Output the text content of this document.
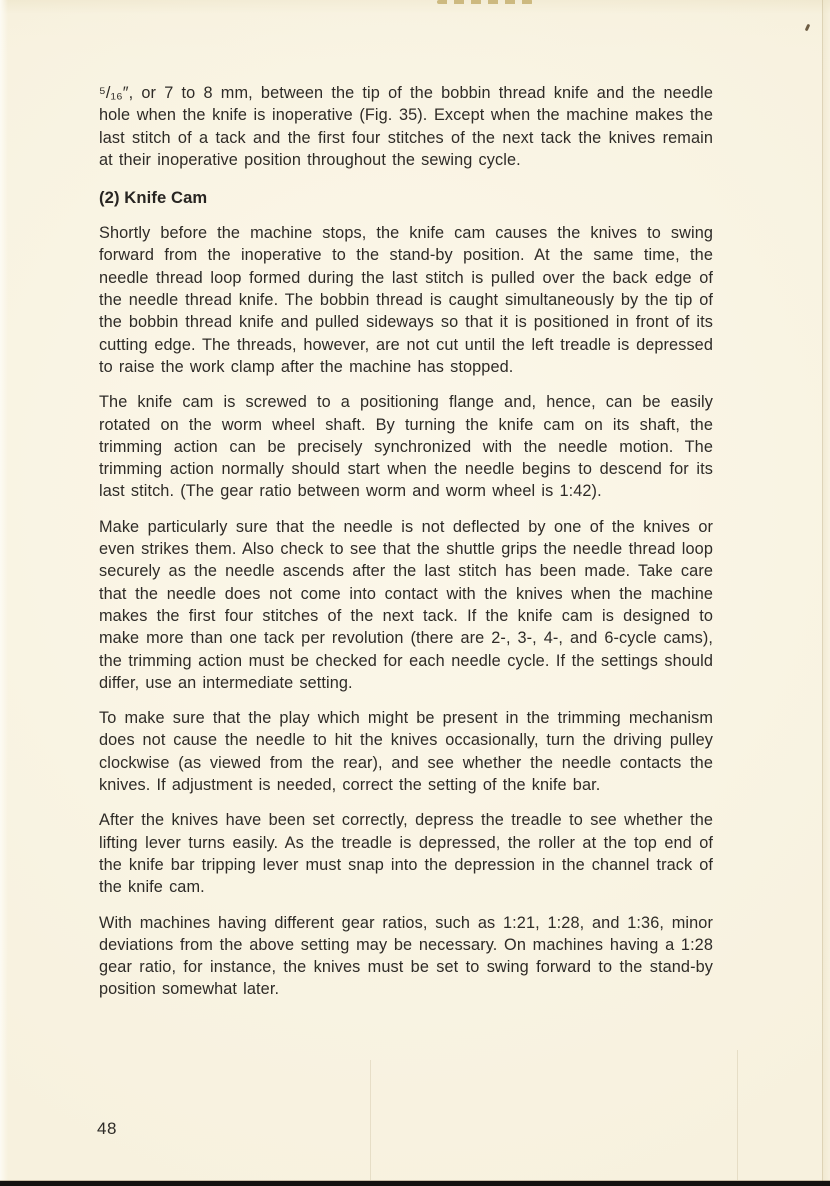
⁵/₁₆″, or 7 to 8 mm, between the tip of the bobbin thread knife and the needle hole when the knife is inoperative (Fig. 35). Except when the machine makes the last stitch of a tack and the first four stitches of the next tack the knives remain at their inoperative position throughout the sewing cycle.

(2) Knife Cam

Shortly before the machine stops, the knife cam causes the knives to swing forward from the inoperative to the stand-by position. At the same time, the needle thread loop formed during the last stitch is pulled over the back edge of the needle thread knife. The bobbin thread is caught simultaneously by the tip of the bobbin thread knife and pulled sideways so that it is positioned in front of its cutting edge. The threads, however, are not cut until the left treadle is depressed to raise the work clamp after the machine has stopped.

The knife cam is screwed to a positioning flange and, hence, can be easily rotated on the worm wheel shaft. By turning the knife cam on its shaft, the trimming action can be precisely synchronized with the needle motion. The trimming action normally should start when the needle begins to descend for its last stitch. (The gear ratio between worm and worm wheel is 1:42).

Make particularly sure that the needle is not deflected by one of the knives or even strikes them. Also check to see that the shuttle grips the needle thread loop securely as the needle ascends after the last stitch has been made. Take care that the needle does not come into contact with the knives when the machine makes the first four stitches of the next tack. If the knife cam is designed to make more than one tack per revolution (there are 2-, 3-, 4-, and 6-cycle cams), the trimming action must be checked for each needle cycle. If the settings should differ, use an intermediate setting.

To make sure that the play which might be present in the trimming mechanism does not cause the needle to hit the knives occasionally, turn the driving pulley clockwise (as viewed from the rear), and see whether the needle contacts the knives. If adjustment is needed, correct the setting of the knife bar.

After the knives have been set correctly, depress the treadle to see whether the lifting lever turns easily. As the treadle is depressed, the roller at the top end of the knife bar tripping lever must snap into the depression in the channel track of the knife cam.

With machines having different gear ratios, such as 1:21, 1:28, and 1:36, minor deviations from the above setting may be necessary. On machines having a 1:28 gear ratio, for instance, the knives must be set to swing forward to the stand-by position somewhat later.

48
